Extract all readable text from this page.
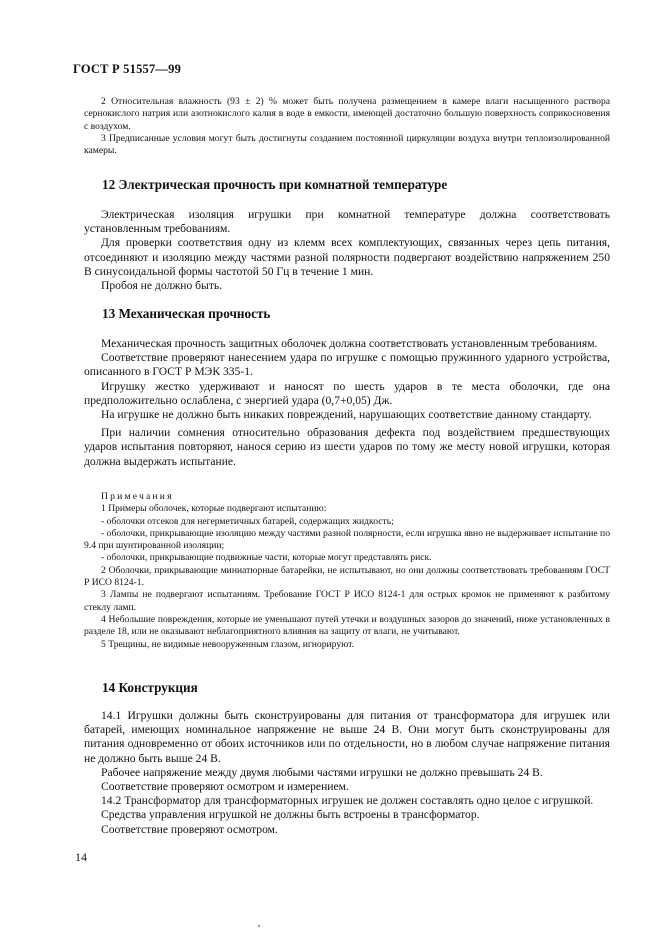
ГОСТ Р 51557—99

2 Относительная влажность (93 ± 2) % может быть получена размещением в камере влаги насыщенного раствора сернокислого натрия или азотнокислого калия в воде в емкости, имеющей достаточно большую поверхность соприкосновения с воздухом.

3 Предписанные условия могут быть достигнуты созданием постоянной циркуляции воздуха внутри теплоизолированной камеры.

12 Электрическая прочность при комнатной температуре

Электрическая изоляция игрушки при комнатной температуре должна соответствовать установленным требованиям.

Для проверки соответствия одну из клемм всех комплектующих, связанных через цепь питания, отсоединяют и изоляцию между частями разной полярности подвергают воздействию напряжением 250 В синусоидальной формы частотой 50 Гц в течение 1 мин.

Пробоя не должно быть.

13 Механическая прочность

Механическая прочность защитных оболочек должна соответствовать установленным требованиям.

Соответствие проверяют нанесением удара по игрушке с помощью пружинного ударного устройства, описанного в ГОСТ Р МЭК 335-1.

Игрушку жестко удерживают и наносят по шесть ударов в те места оболочки, где она предположительно ослаблена, с энергией удара (0,7+0,05) Дж.

На игрушке не должно быть никаких повреждений, нарушающих соответствие данному стандарту.

При наличии сомнения относительно образования дефекта под воздействием предшествующих ударов испытания повторяют, нанося серию из шести ударов по тому же месту новой игрушки, которая должна выдержать испытание.

Примечания

1 Примеры оболочек, которые подвергают испытанию:

- оболочки отсеков для негерметичных батарей, содержащих жидкость;

- оболочки, прикрывающие изоляцию между частями разной полярности, если игрушка явно не выдерживает испытание по 9.4 при шунтированной изоляции;

- оболочки, прикрывающие подвижные части, которые могут представлять риск.

2 Оболочки, прикрывающие миниатюрные батарейки, не испытывают, но они должны соответствовать требованиям ГОСТ Р ИСО 8124-1.

3 Лампы не подвергают испытаниям. Требование ГОСТ Р ИСО 8124-1 для острых кромок не применяют к разбитому стеклу ламп.

4 Небольшие повреждения, которые не уменьшают путей утечки и воздушных зазоров до значений, ниже установленных в разделе 18, или не оказывают неблагоприятного влияния на защиту от влаги, не учитывают.

5 Трещины, не видимые невооруженным глазом, игнорируют.

14 Конструкция

14.1 Игрушки должны быть сконструированы для питания от трансформатора для игрушек или батарей, имеющих номинальное напряжение не выше 24 В. Они могут быть сконструированы для питания одновременно от обоих источников или по отдельности, но в любом случае напряжение питания не должно быть выше 24 В.

Рабочее напряжение между двумя любыми частями игрушки не должно превышать 24 В.

Соответствие проверяют осмотром и измерением.

14.2 Трансформатор для трансформаторных игрушек не должен составлять одно целое с игрушкой.

Средства управления игрушкой не должны быть встроены в трансформатор.

Соответствие проверяют осмотром.

14
